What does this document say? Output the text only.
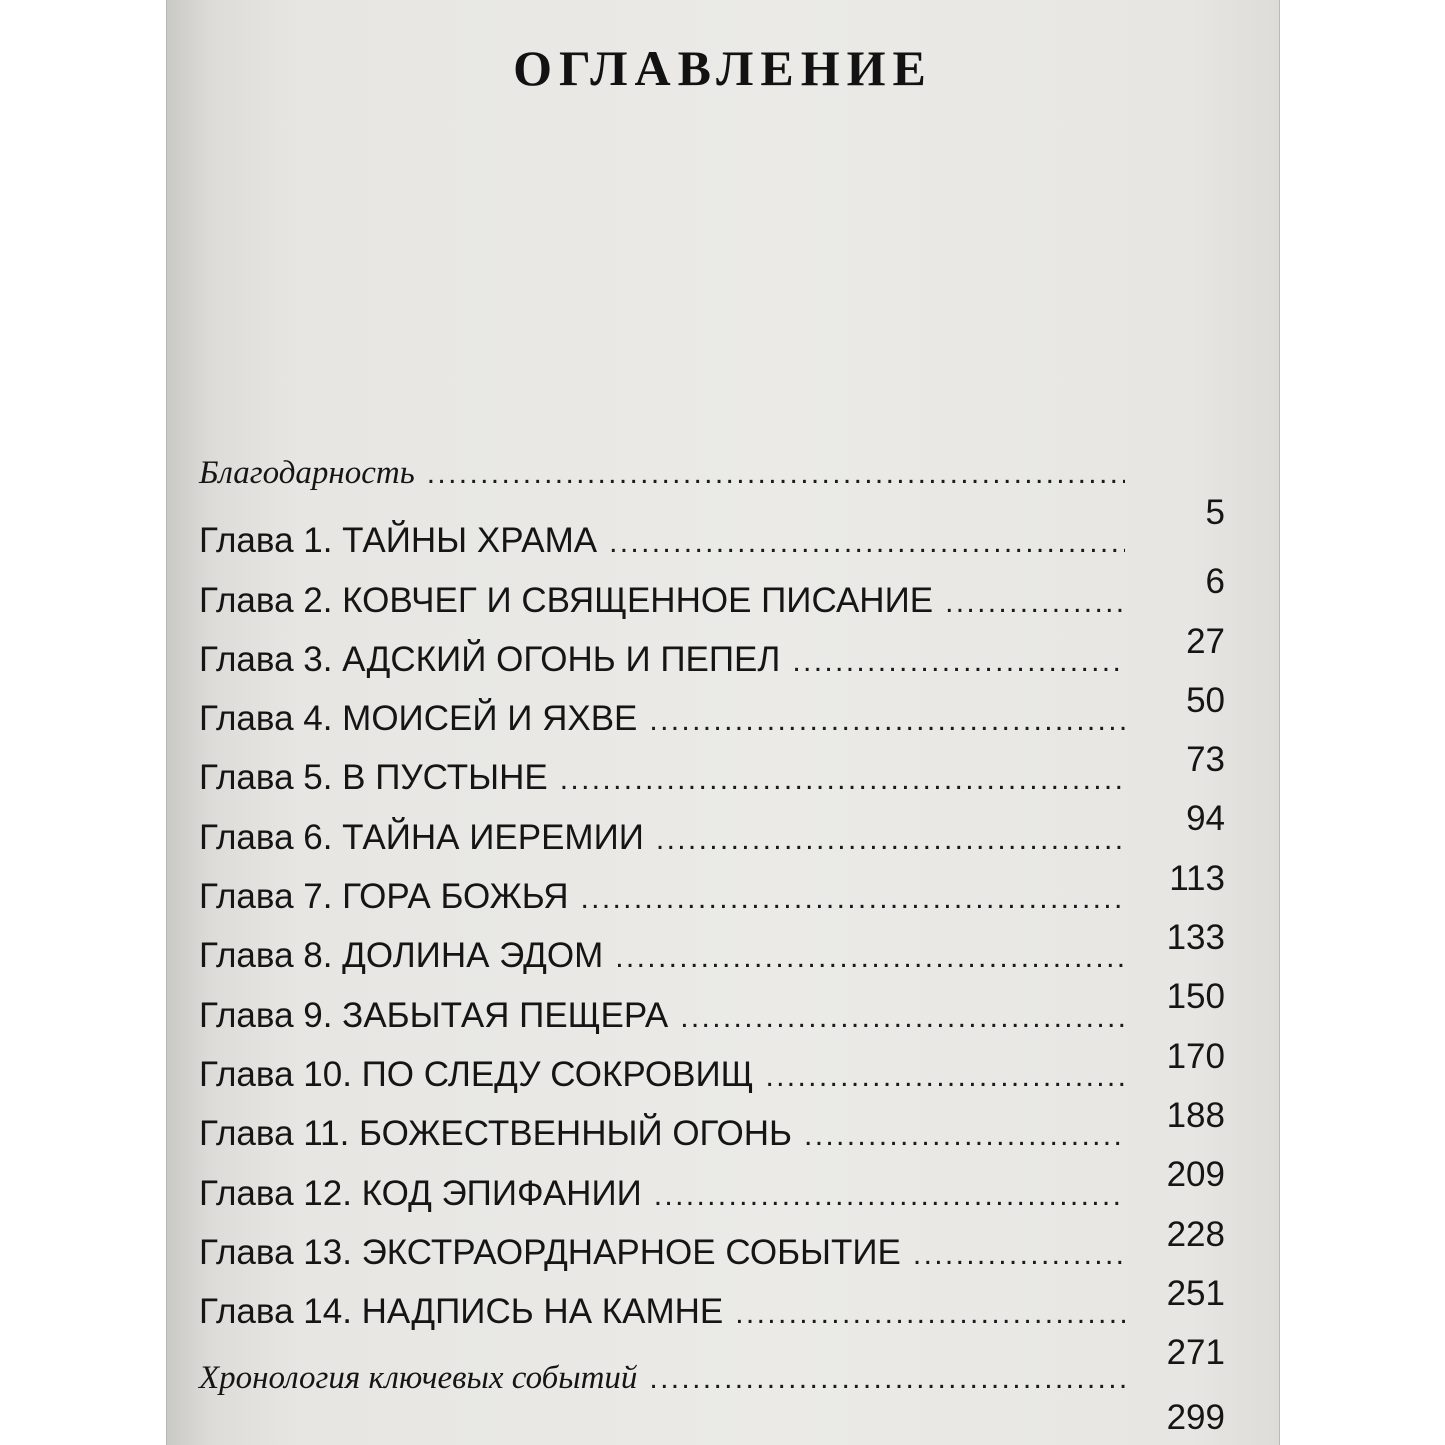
ОГЛАВЛЕНИЕ
Благодарность
. . .
5
Глава 1. ТАЙНЫ ХРАМА
. . .
6
Глава 2. КОВЧЕГ И СВЯЩЕННОЕ ПИСАНИЕ
. . .
27
Глава 3. АДСКИЙ ОГОНЬ И ПЕПЕЛ
. . .
50
Глава 4. МОИСЕЙ И ЯХВЕ
. . .
73
Глава 5. В ПУСТЫНЕ
. . .
94
Глава 6. ТАЙНА ИЕРЕМИИ
. . .
113
Глава 7. ГОРА БОЖЬЯ
. . .
133
Глава 8. ДОЛИНА ЭДОМ
. . .
150
Глава 9. ЗАБЫТАЯ ПЕЩЕРА
. . .
170
Глава 10. ПО СЛЕДУ СОКРОВИЩ
. . .
188
Глава 11. БОЖЕСТВЕННЫЙ ОГОНЬ
. . .
209
Глава 12. КОД ЭПИФАНИИ
. . .
228
Глава 13. ЭКСТРАОРДНАРНОЕ СОБЫТИЕ
. . .
251
Глава 14. НАДПИСЬ НА КАМНЕ
. . .
271
Хронология ключевых событий
. . .
299
